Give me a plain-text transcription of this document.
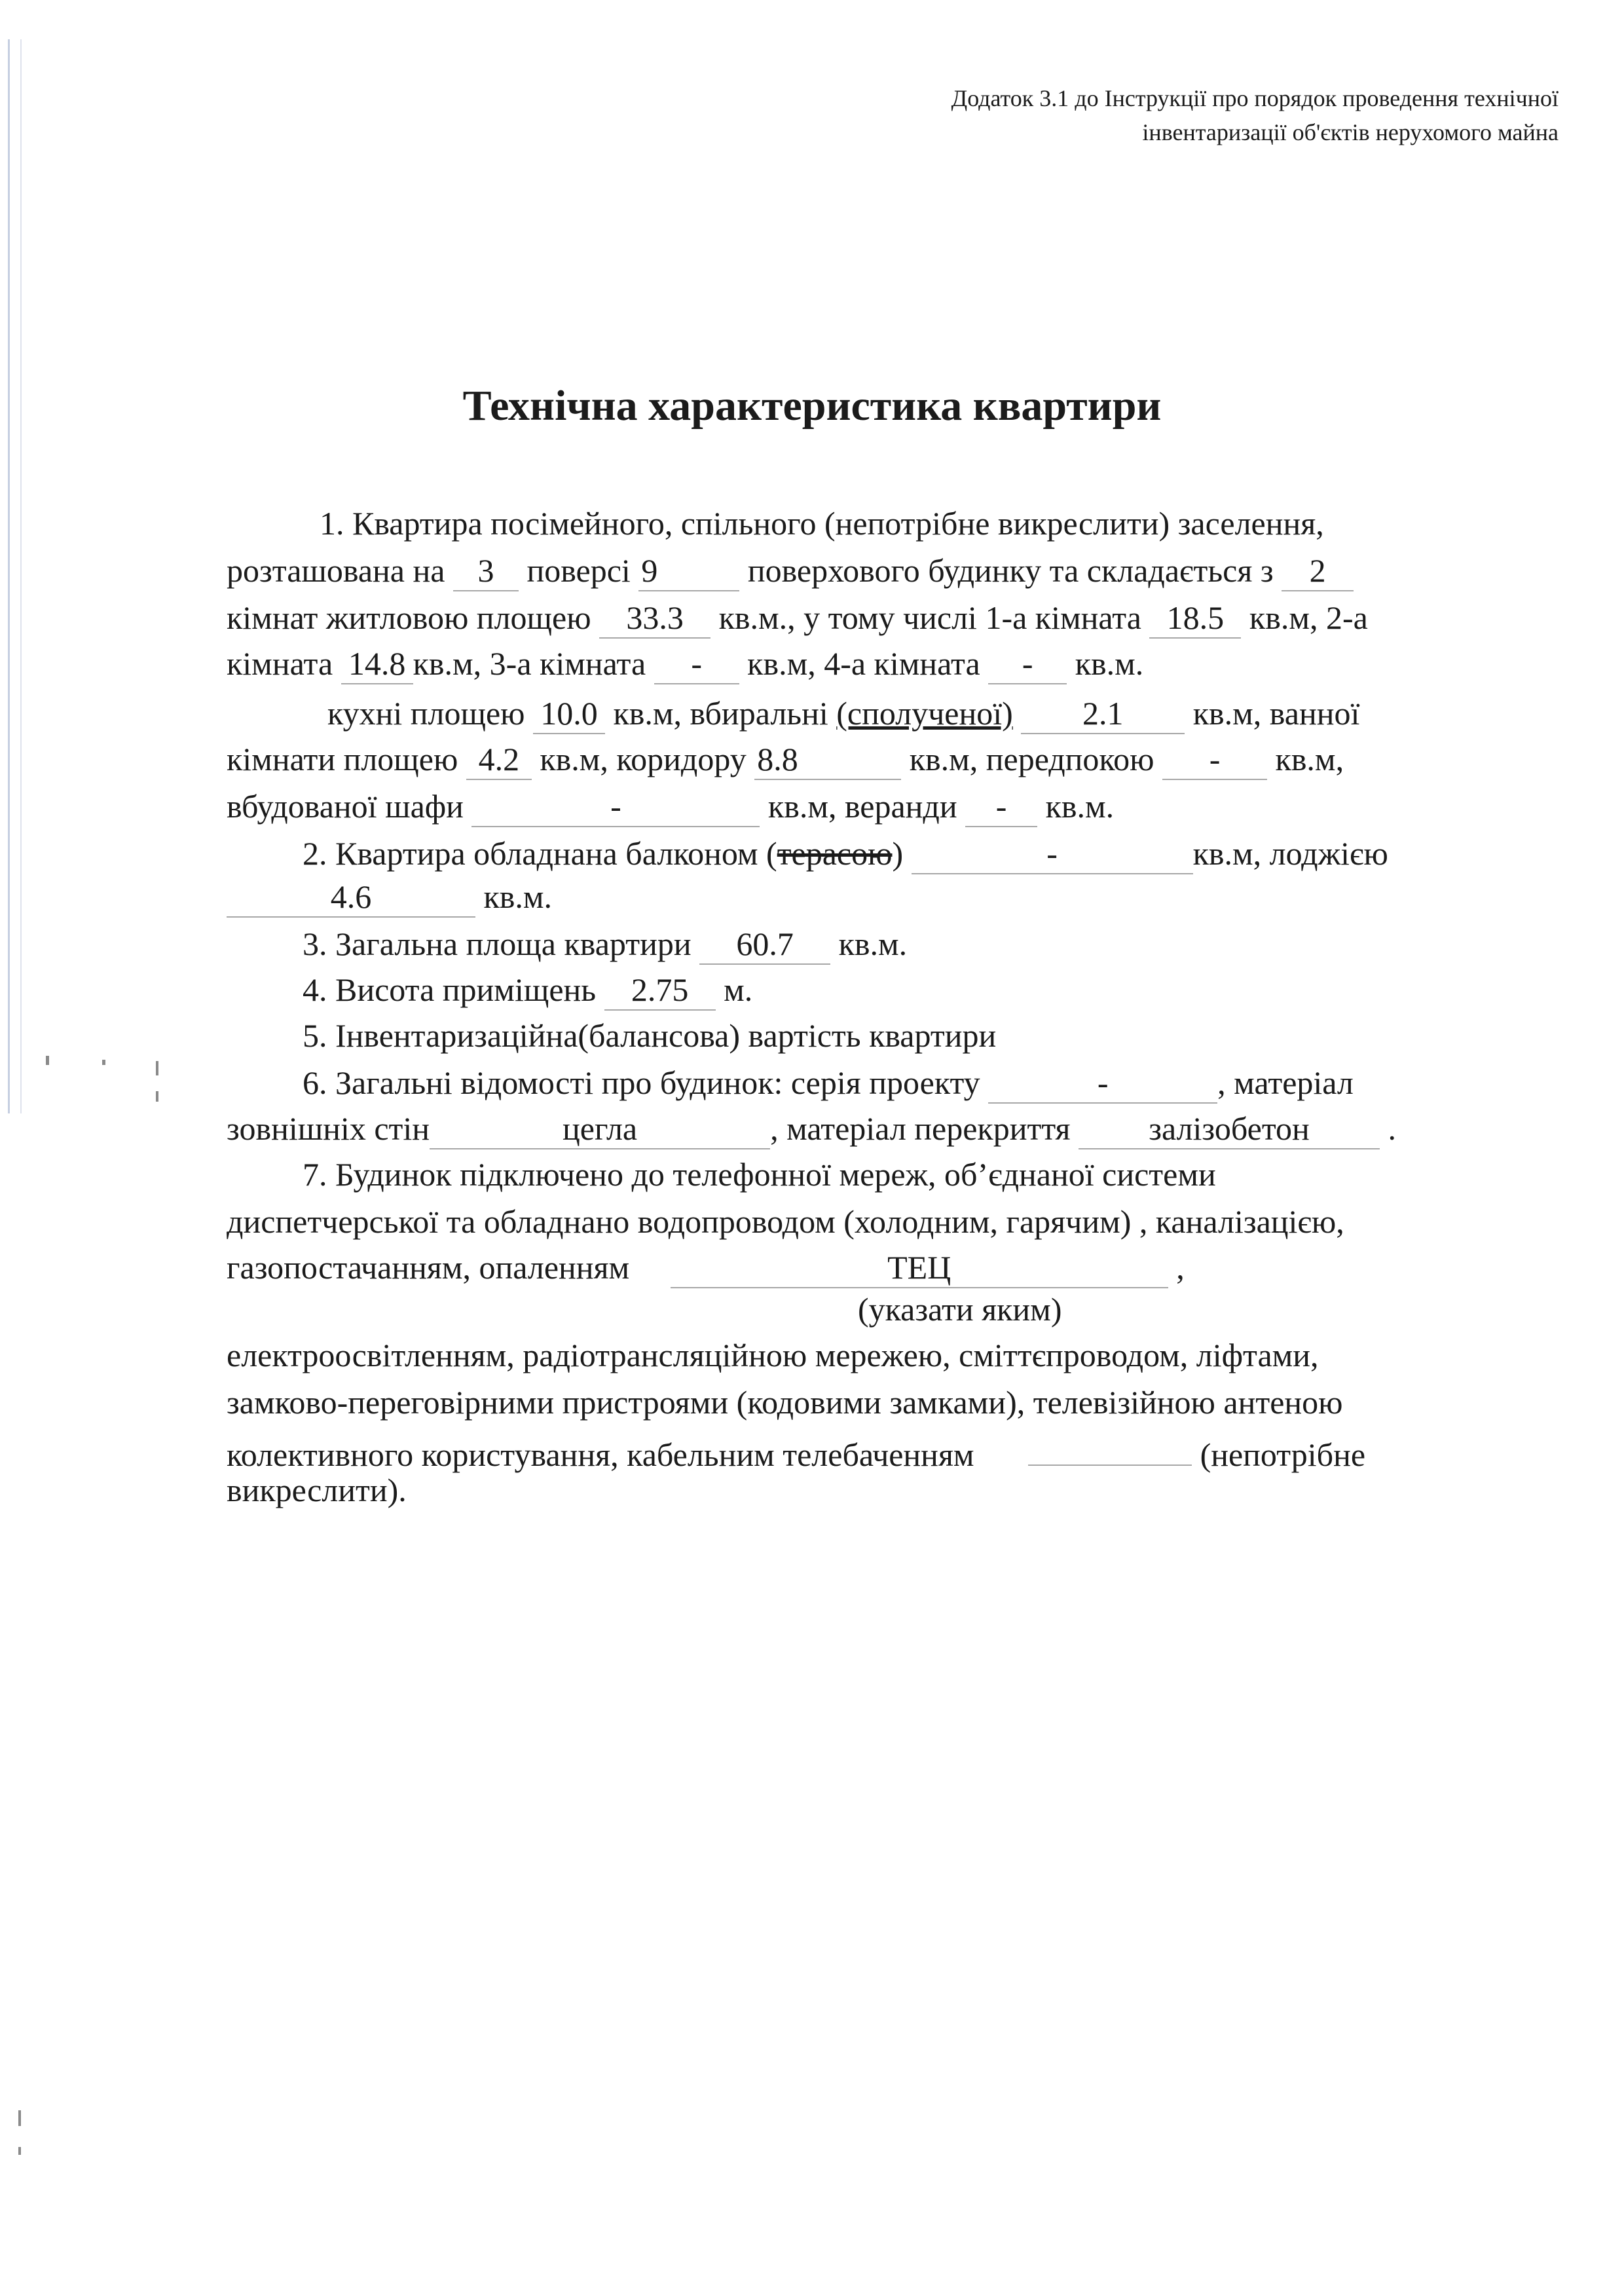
Додаток 3.1 до Інструкції про порядок проведення технічної
інвентаризації об'єктів нерухомого майна
Технічна характеристика квартири
1. Квартира посімейного, спільного (непотрібне викреслити) заселення,
розташована на 3 поверсі 9	поверхового будинку та складається з 2
кімнат житловою площею 33.3 кв.м., у тому числі 1-а кімната 18.5 кв.м, 2-а
кімната 14.8 кв.м, 3-а кімната - кв.м, 4-а кімната - кв.м.
кухні площею 10.0 кв.м, вбиральні (сполученої) 2.1 кв.м, ванної
кімнати площею 4.2 кв.м, коридору 8.8	кв.м, передпокою - кв.м,
вбудованої шафи	-	кв.м, веранди - кв.м.
2. Квартира обладнана балконом (терасою)	-	кв.м, лоджією
4.6	кв.м.
3. Загальна площа квартири 60.7 кв.м.
4. Висота приміщень 2.75 м.
5. Інвентаризаційна(балансова) вартість квартири
6. Загальні відомості про будинок: серія проекту	-	, матеріал
зовнішніх стін	цегла	, матеріал перекриття залізобетон .
7. Будинок підключено до телефонної мереж, об’єднаної системи
диспетчерської та обладнано водопроводом (холодним, гарячим) , каналізацією,
газопостачанням, опаленням	ТЕЦ	,
(указати яким)
електроосвітленням, радіотрансляційною мережею, сміттєпроводом, ліфтами,
замково-переговірними пристроями (кодовими замками), телевізійною антеною
колективного користування, кабельним телебаченням	(непотрібне
викреслити).
